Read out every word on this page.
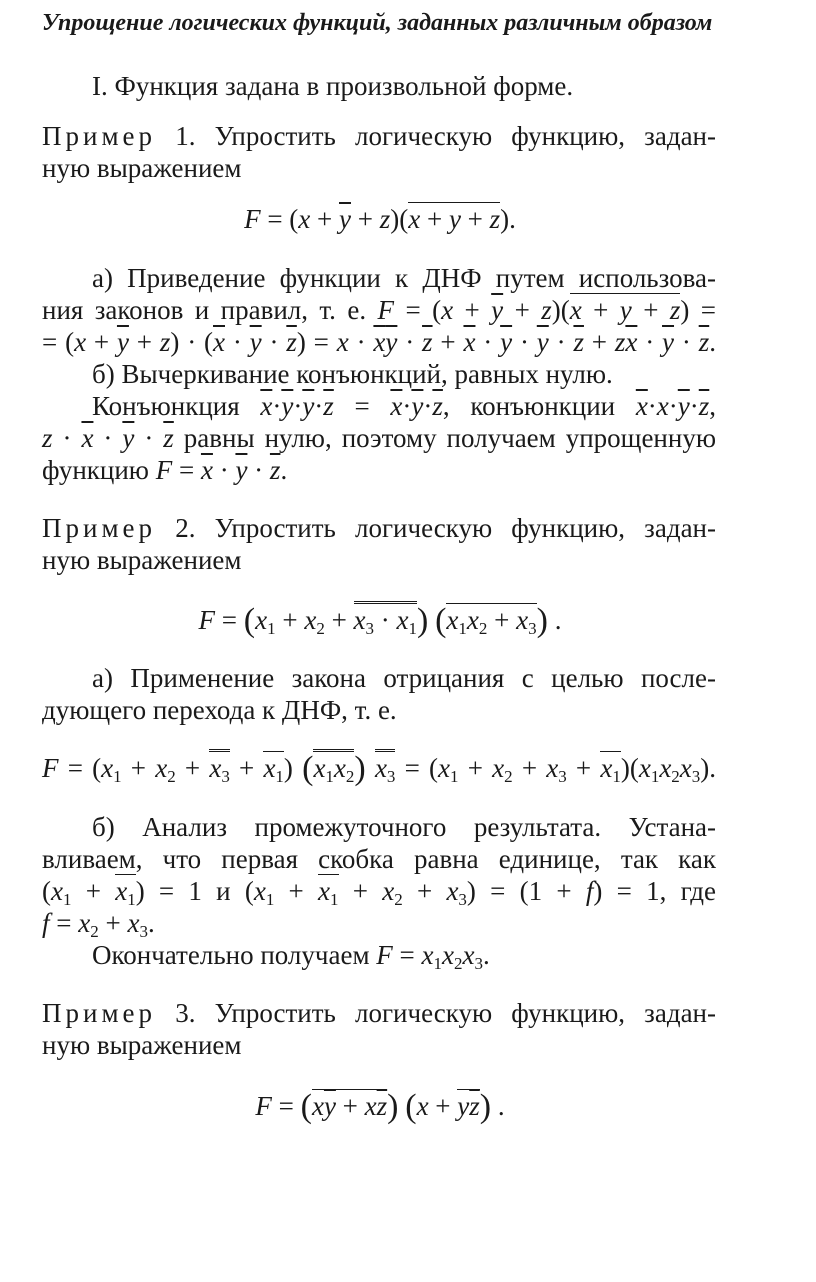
Упрощение логических функций, заданных различным образом
I. Функция задана в произвольной форме.
Пример 1. Упростить логическую функцию, задан-
ную выражением
$F = (x + \overline{y} + z)(x + y + z)$.
а) Приведение функции к ДНФ путем использова-
ния законов и правил, т. е. $F = (x + \overline{y} + z)(x + y + z)$ =
= $(x + \overline{y} + z) \cdot (\overline{x} \cdot \overline{y} \cdot \overline{z}) = x \cdot \overline{x}\overline{y} \cdot \overline{z} + \overline{x} \cdot \overline{y} \cdot \overline{y} \cdot \overline{z} + z\overline{x} \cdot \overline{y} \cdot \overline{z}$.
б) Вычеркивание конъюнкций, равных нулю.
Конъюнкция $\overline{x}\cdot\overline{y}\cdot\overline{y}\cdot\overline{z} = \overline{x}\cdot\overline{y}\cdot\overline{z}$, конъюнкции $\overline{x}\cdot x\cdot\overline{y}\cdot\overline{z}$,
$z \cdot \overline{x} \cdot \overline{y} \cdot \overline{z}$ равны нулю, поэтому получаем упрощенную
функцию $F = \overline{x} \cdot \overline{y} \cdot \overline{z}$.
Пример 2. Упростить логическую функцию, задан-
ную выражением
$F = (x_1 + x_2 + x_3 \cdot x_1) (x_1x_2 + x_3)$ .
а) Применение закона отрицания с целью после-
дующего перехода к ДНФ, т. е.
$F = (x_1 + x_2 + x_3 + x_1)$ $(x_1x_2) x_3 = (x_1 + x_2 + x_3 + x_1)(x_1x_2x_3)$.
б) Анализ промежуточного результата. Устана-
вливаем, что первая скобка равна единице, так как
$(x_1 + x_1) = 1$ и $(x_1 + x_1 + x_2 + x_3) = (1 + f) = 1$, где
$f = x_2 + x_3$.
Окончательно получаем $F = x_1x_2x_3$.
Пример 3. Упростить логическую функцию, задан-
ную выражением
$F = (x\overline{y} + x\overline{z}) (x + y\overline{z})$ .
